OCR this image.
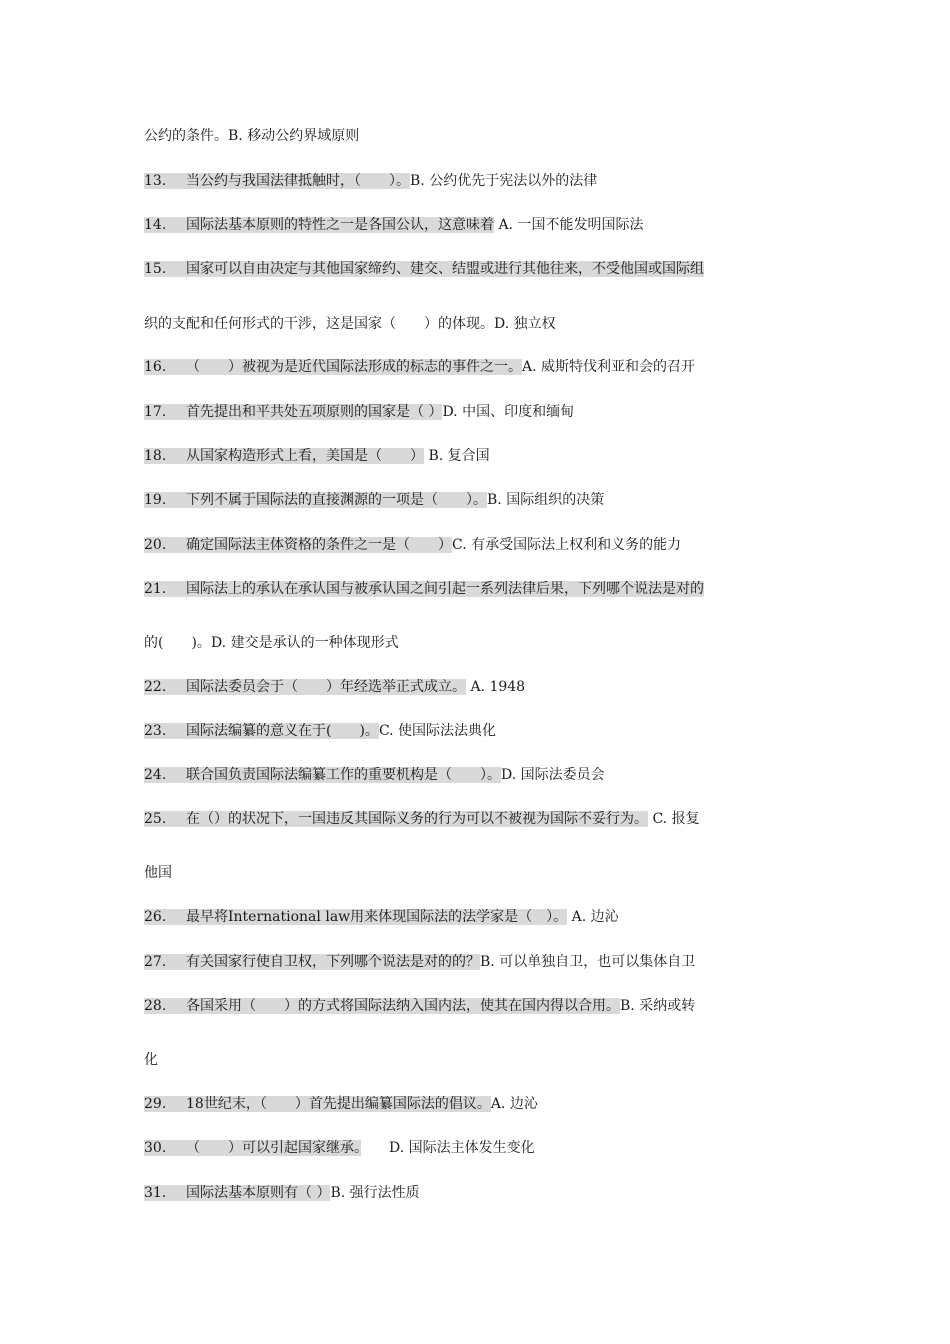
公约的条件。B. 移动公约界域原则
13. 当公约与我国法律抵触时，（　　）。B. 公约优先于宪法以外的法律
14. 国际法基本原则的特性之一是各国公认，这意味着 A. 一国不能发明国际法
15. 国家可以自由决定与其他国家缔约、建交、结盟或进行其他往来，不受他国或国际组
织的支配和任何形式的干涉，这是国家（　　）的体现。D. 独立权
16. （　　）被视为是近代国际法形成的标志的事件之一。A. 威斯特伐利亚和会的召开
17. 首先提出和平共处五项原则的国家是（ ）D. 中国、印度和缅甸
18. 从国家构造形式上看，美国是（　　） B. 复合国
19. 下列不属于国际法的直接渊源的一项是（　　）。B. 国际组织的决策
20. 确定国际法主体资格的条件之一是（　　）C. 有承受国际法上权利和义务的能力
21. 国际法上的承认在承认国与被承认国之间引起一系列法律后果，下列哪个说法是对的
的(　　)。D. 建交是承认的一种体现形式
22. 国际法委员会于（　　）年经选举正式成立。 A. 1948
23. 国际法编纂的意义在于(　　)。C. 使国际法法典化
24. 联合国负责国际法编纂工作的重要机构是（　　）。D. 国际法委员会
25. 在（）的状况下，一国违反其国际义务的行为可以不被视为国际不妥行为。 C. 报复
他国
26. 最早将International law用来体现国际法的法学家是（　）。 A. 边沁
27. 有关国家行使自卫权，下列哪个说法是对的的？B. 可以单独自卫，也可以集体自卫
28. 各国采用（　　）的方式将国际法纳入国内法，使其在国内得以合用。B. 采纳或转
化
29. 18世纪末，（　　）首先提出编纂国际法的倡议。A. 边沁
30. （　　）可以引起国家继承。　　D. 国际法主体发生变化
31. 国际法基本原则有（ ）B. 强行法性质
